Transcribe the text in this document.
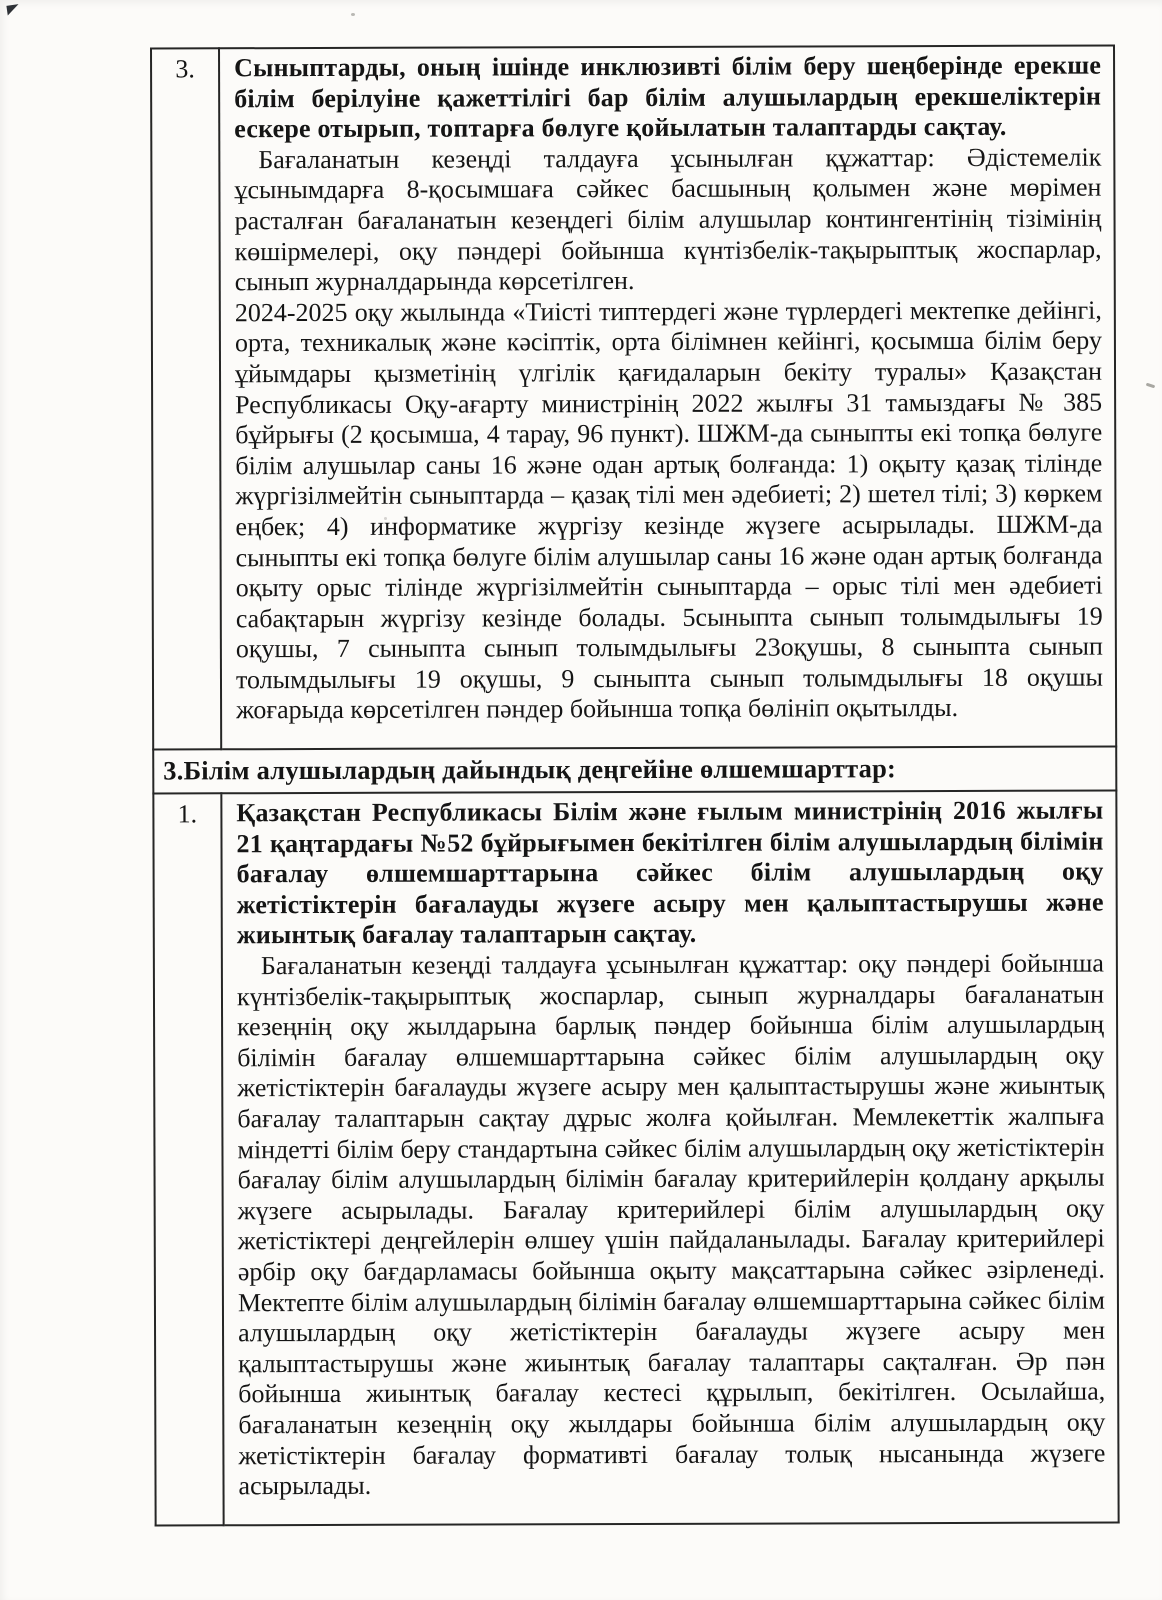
◤
3.	Сыныптарды, оның ішінде инклюзивті білім беру шеңберінде ерекше білім берілуіне қажеттілігі бар білім алушылардың ерекшеліктерін ескере отырып, топтарға бөлуге қойылатын талаптарды сақтау.

Бағаланатын кезеңді талдауға ұсынылған құжаттар: Әдістемелік ұсынымдарға 8-қосымшаға сәйкес басшының қолымен және мөрімен расталған бағаланатын кезеңдегі білім алушылар контингентінің тізімінің көшірмелері, оқу пәндері бойынша күнтізбелік-тақырыптық жоспарлар, сынып журналдарында көрсетілген.

2024-2025 оқу жылында «Тиісті типтердегі және түрлердегі мектепке дейінгі, орта, техникалық және кәсіптік, орта білімнен кейінгі, қосымша білім беру ұйымдары қызметінің үлгілік қағидаларын бекіту туралы» Қазақстан Республикасы Оқу-ағарту министрінің 2022 жылғы 31 тамыздағы № 385 бұйрығы (2 қосымша, 4 тарау, 96 пункт). ШЖМ-да сыныпты екі топқа бөлуге білім алушылар саны 16 және одан артық болғанда: 1) оқыту қазақ тілінде жүргізілмейтін сыныптарда – қазақ тілі мен әдебиеті; 2) шетел тілі; 3) көркем еңбек; 4) информатике жүргізу кезінде жүзеге асырылады. ШЖМ-да сыныпты екі топқа бөлуге білім алушылар саны 16 және одан артық болғанда оқыту орыс тілінде жүргізілмейтін сыныптарда – орыс тілі мен әдебиеті сабақтарын жүргізу кезінде болады. 5сыныпта сынып толымдылығы 19 оқушы, 7 сыныпта сынып толымдылығы 23оқушы, 8 сыныпта сынып толымдылығы 19 оқушы, 9 сыныпта сынып толымдылығы 18 оқушы жоғарыда көрсетілген пәндер бойынша топқа бөлініп оқытылды.

3.Білім алушылардың дайындық деңгейіне өлшемшарттар:	
1.	Қазақстан Республикасы Білім және ғылым министрінің 2016 жылғы 21 қаңтардағы №52 бұйрығымен бекітілген білім алушылардың білімін бағалау өлшемшарттарына сәйкес білім алушылардың оқу жетістіктерін бағалауды жүзеге асыру мен қалыптастырушы және жиынтық бағалау талаптарын сақтау.

Бағаланатын кезеңді талдауға ұсынылған құжаттар: оқу пәндері бойынша күнтізбелік-тақырыптық жоспарлар, сынып журналдары бағаланатын кезеңнің оқу жылдарына барлық пәндер бойынша білім алушылардың білімін бағалау өлшемшарттарына сәйкес білім алушылардың оқу жетістіктерін бағалауды жүзеге асыру мен қалыптастырушы және жиынтық бағалау талаптарын сақтау дұрыс жолға қойылған. Мемлекеттік жалпыға міндетті білім беру стандартына сәйкес білім алушылардың оқу жетістіктерін бағалау білім алушылардың білімін бағалау критерийлерін қолдану арқылы жүзеге асырылады. Бағалау критерийлері білім алушылардың оқу жетістіктері деңгейлерін өлшеу үшін пайдаланылады. Бағалау критерийлері әрбір оқу бағдарламасы бойынша оқыту мақсаттарына сәйкес әзірленеді. Мектепте білім алушылардың білімін бағалау өлшемшарттарына сәйкес білім алушылардың оқу жетістіктерін бағалауды жүзеге асыру мен қалыптастырушы және жиынтық бағалау талаптары сақталған. Әр пән бойынша жиынтық бағалау кестесі құрылып, бекітілген. Осылайша, бағаланатын кезеңнің оқу жылдары бойынша білім алушылардың оқу жетістіктерін бағалау формативті бағалау толық нысанында жүзеге асырылады.
